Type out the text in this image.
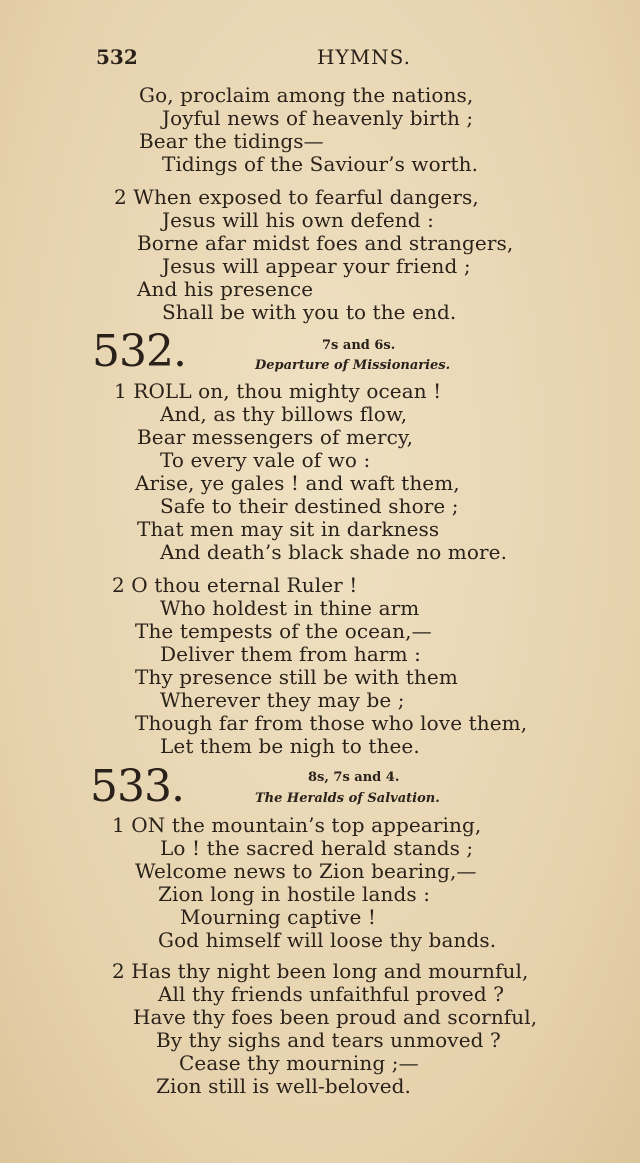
532	HYMNS.
Go, proclaim among the nations,
Joyful news of heavenly birth ;
Bear the tidings—
Tidings of the Saviour’s worth.
2 When exposed to fearful dangers,
Jesus will his own defend :
Borne afar midst foes and strangers,
Jesus will appear your friend ;
And his presence
Shall be with you to the end.
532.	7s and 6s.
Departure of Missionaries.
1 ROLL on, thou mighty ocean !
And, as thy billows flow,
Bear messengers of mercy,
To every vale of wo :
Arise, ye gales ! and waft them,
Safe to their destined shore ;
That men may sit in darkness
And death’s black shade no more.
2 O thou eternal Ruler !
Who holdest in thine arm
The tempests of the ocean,—
Deliver them from harm :
Thy presence still be with them
Wherever they may be ;
Though far from those who love them,
Let them be nigh to thee.
533.	8s, 7s and 4.
The Heralds of Salvation.
1 ON the mountain’s top appearing,
Lo ! the sacred herald stands ;
Welcome news to Zion bearing,—
Zion long in hostile lands :
Mourning captive !
God himself will loose thy bands.
2 Has thy night been long and mournful,
All thy friends unfaithful proved ?
Have thy foes been proud and scornful,
By thy sighs and tears unmoved ?
Cease thy mourning ;—
Zion still is well-beloved.
